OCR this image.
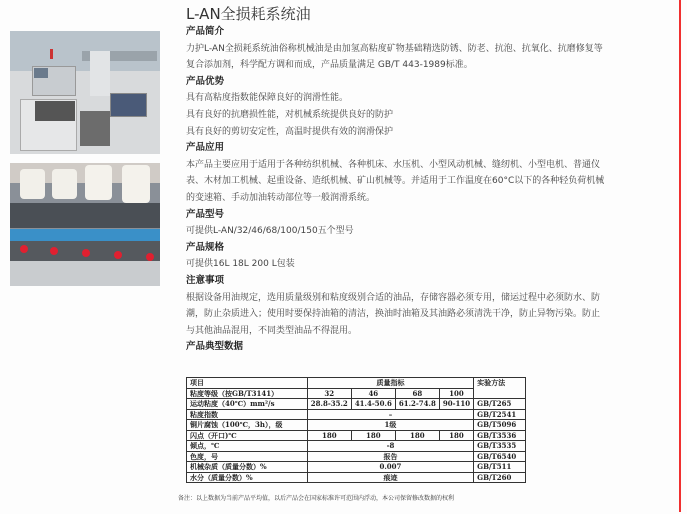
L-AN全损耗系统油
产品简介
力护L-AN全损耗系统油俗称机械油是由加氢高粘度矿物基础精选防锈、防老、抗泡、抗氧化、抗磨修复等
复合添加剂，科学配方调和而成，产品质量满足 GB/T 443-1989标准。
产品优势
具有高粘度指数能保障良好的润滑性能。
具有良好的抗磨损性能，对机械系统提供良好的防护
具有良好的剪切安定性，高温时提供有效的润滑保护
产品应用
本产品主要应用于适用于各种纺织机械、各种机床、水压机、小型风动机械、缝纫机、小型电机、普通仪
表、木材加工机械、起重设备、造纸机械、矿山机械等。并适用于工作温度在60°C以下的各种轻负荷机械
的变速箱、手动加油转动部位等一般润滑系统。
产品型号
可提供L-AN/32/46/68/100/150五个型号
产品规格
可提供16L 18L 200 L包装
注意事项
根据设备用油规定，选用质量级别和粘度级别合适的油品，存储容器必须专用，储运过程中必须防水、防
潮，防止杂质进入；使用时要保持油箱的清洁，换油时油箱及其油路必须清洗干净，防止异物污染。防止
与其他油品混用，不同类型油品不得混用。
产品典型数据
项目	质量指标				实验方法
粘度等级（按GB/T3141）	32	46	68	100	
运动粘度（40℃）mm²/s	28.8-35.2	41.4-50.6	61.2-74.8	90-110	GB/T265
粘度指数	–				GB/T2541
铜片腐蚀（100℃，3h），级	1级				GB/T5096
闪点（开口)℃	180	180	180	180	GB/T3536
倾点，℃	-8				GB/T3535
色度，号	报告				GB/T6540
机械杂质（质量分数）%	0.007				GB/T511
水分（质量分数）%	痕迹				GB/T260
备注：以上数据为当前产品平均值，以后产品会在国家标准许可范围内浮动，本公司保留修改数据的权利
